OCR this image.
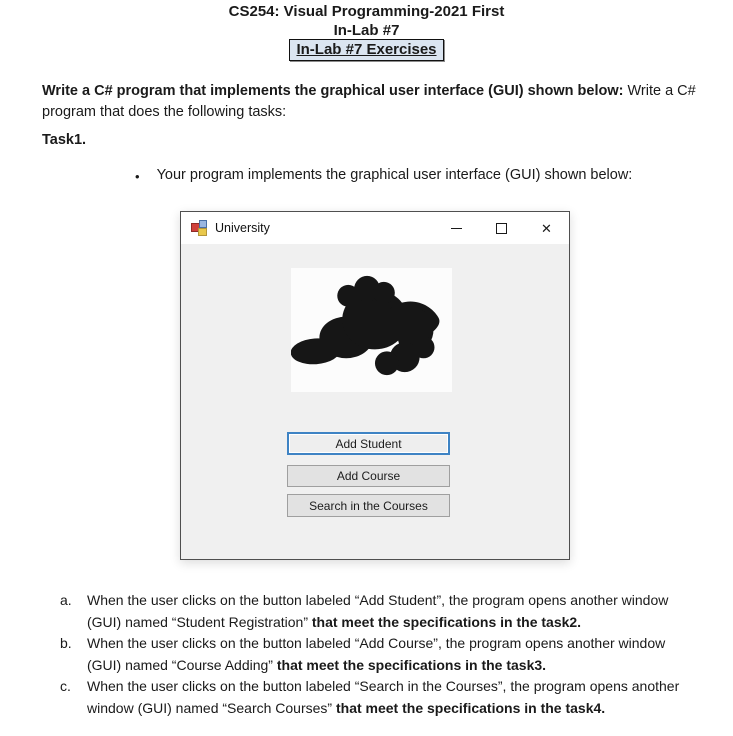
CS254: Visual Programming-2021 First
In-Lab #7
In-Lab #7 Exercises
Write a C# program that implements the graphical user interface (GUI) shown below: Write a C#
program that does the following tasks:
Task1.
• Your program implements the graphical user interface (GUI) shown below:
University	✕
Add Student
Add Course
Search in the Courses
a.	When the user clicks on the button labeled “Add Student”, the program opens another window
(GUI) named “Student Registration” that meet the specifications in the task2.
b.	When the user clicks on the button labeled “Add Course”, the program opens another window
(GUI) named “Course Adding” that meet the specifications in the task3.
c.	When the user clicks on the button labeled “Search in the Courses”, the program opens another
window (GUI) named “Search Courses” that meet the specifications in the task4.
